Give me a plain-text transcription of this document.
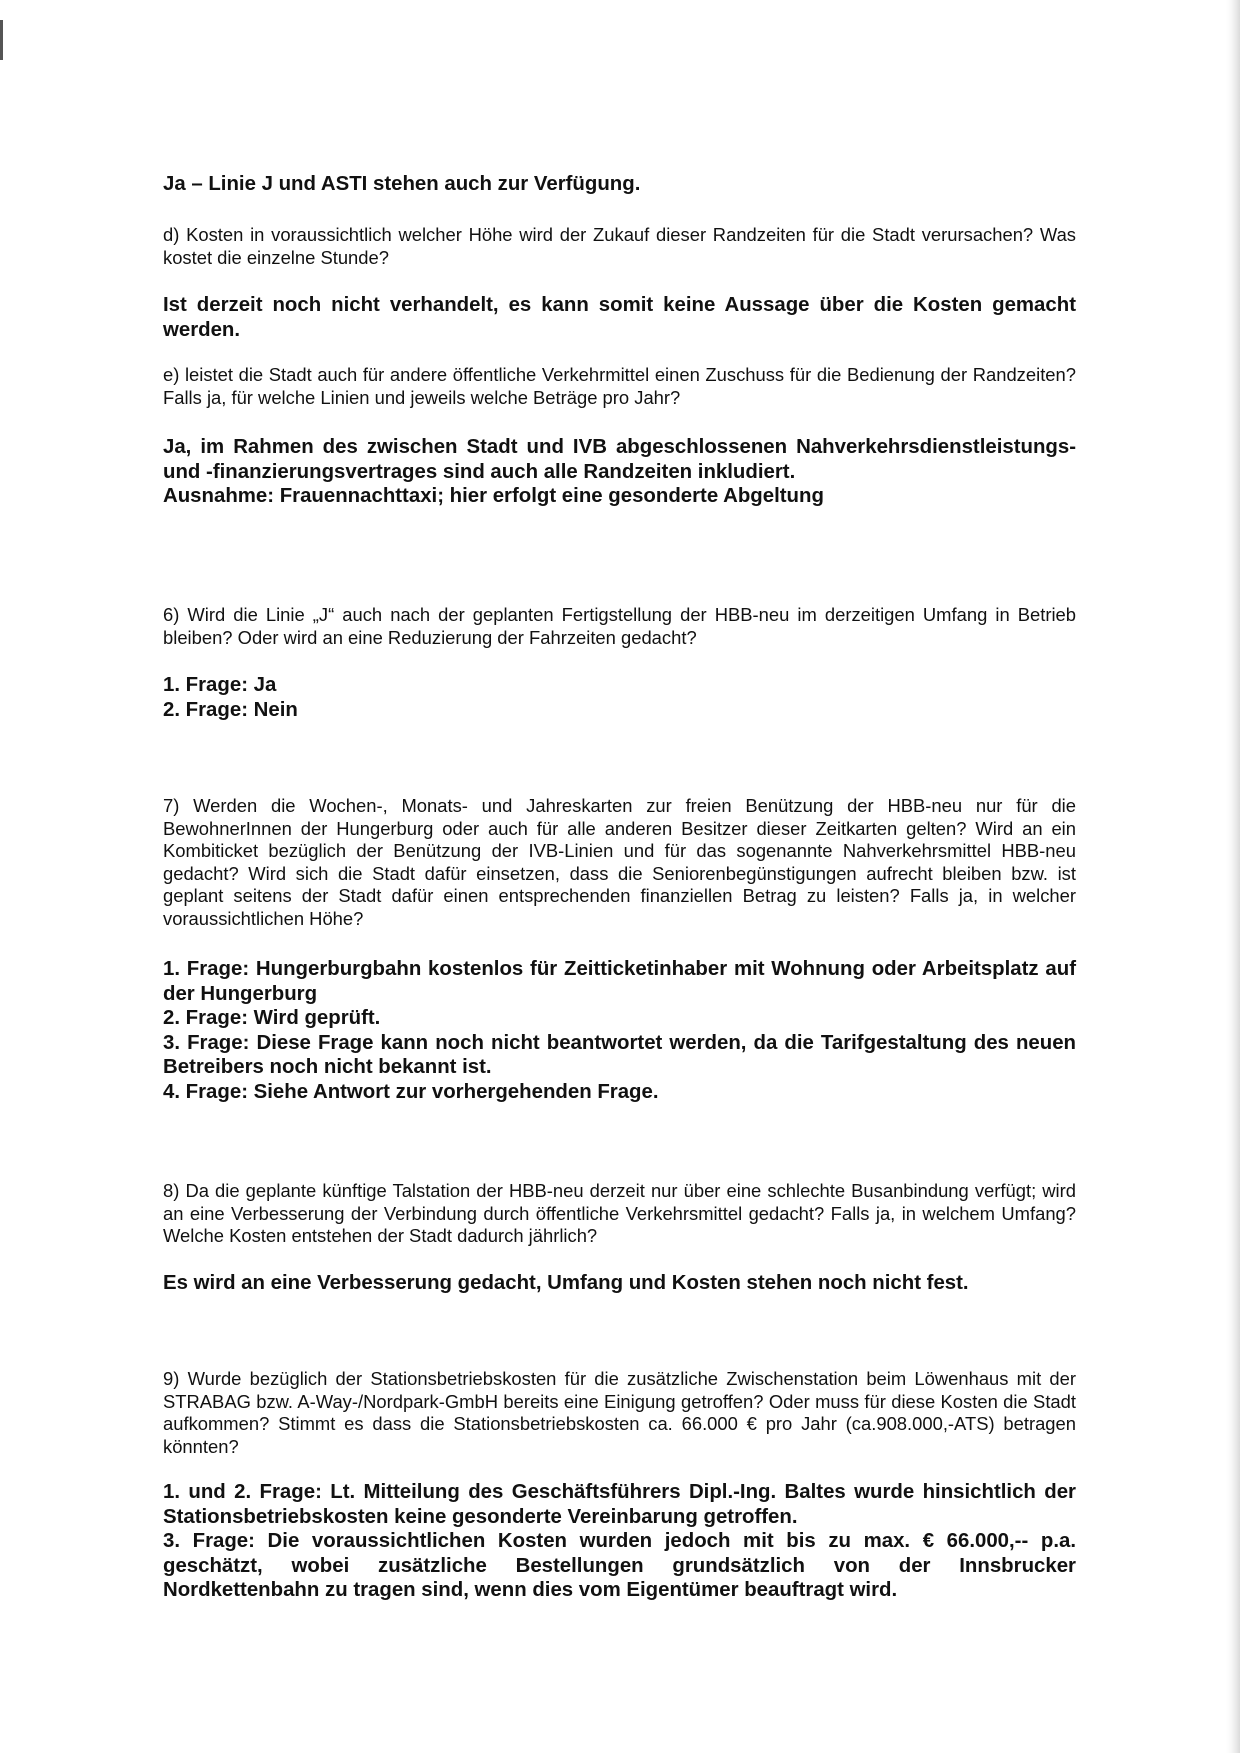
Ja – Linie J und ASTI stehen auch zur Verfügung.

d) Kosten in voraussichtlich welcher Höhe wird der Zukauf dieser Randzeiten für die Stadt verursachen? Was kostet die einzelne Stunde?

Ist derzeit noch nicht verhandelt, es kann somit keine Aussage über die Kosten gemacht werden.

e) leistet die Stadt auch für andere öffentliche Verkehrmittel einen Zuschuss für die Bedienung der Randzeiten? Falls ja, für welche Linien und jeweils welche Beträge pro Jahr?

Ja, im Rahmen des zwischen Stadt und IVB abgeschlossenen Nahverkehrsdienstleistungs- und -finanzierungsvertrages sind auch alle Randzeiten inkludiert.
Ausnahme: Frauennachttaxi; hier erfolgt eine gesonderte Abgeltung

6) Wird die Linie „J“ auch nach der geplanten Fertigstellung der HBB-neu im derzeitigen Umfang in Betrieb bleiben? Oder wird an eine Reduzierung der Fahrzeiten gedacht?

1. Frage: Ja
2. Frage: Nein

7) Werden die Wochen-, Monats- und Jahreskarten zur freien Benützung der HBB-neu nur für die BewohnerInnen der Hungerburg oder auch für alle anderen Besitzer dieser Zeitkarten gelten? Wird an ein Kombiticket bezüglich der Benützung der IVB-Linien und für das sogenannte Nahverkehrsmittel HBB-neu gedacht? Wird sich die Stadt dafür einsetzen, dass die Seniorenbegünstigungen aufrecht bleiben bzw. ist geplant seitens der Stadt dafür einen entsprechenden finanziellen Betrag zu leisten? Falls ja, in welcher voraussichtlichen Höhe?

1. Frage: Hungerburgbahn kostenlos für Zeitticketinhaber mit Wohnung oder Arbeitsplatz auf der Hungerburg
2. Frage: Wird geprüft.
3. Frage: Diese Frage kann noch nicht beantwortet werden, da die Tarifgestaltung des neuen Betreibers noch nicht bekannt ist.
4. Frage: Siehe Antwort zur vorhergehenden Frage.

8) Da die geplante künftige Talstation der HBB-neu derzeit nur über eine schlechte Busanbindung verfügt; wird an eine Verbesserung der Verbindung durch öffentliche Verkehrsmittel gedacht? Falls ja, in welchem Umfang? Welche Kosten entstehen der Stadt dadurch jährlich?

Es wird an eine Verbesserung gedacht, Umfang und Kosten stehen noch nicht fest.

9) Wurde bezüglich der Stationsbetriebskosten für die zusätzliche Zwischenstation beim Löwenhaus mit der STRABAG bzw. A-Way-/Nordpark-GmbH bereits eine Einigung getroffen? Oder muss für diese Kosten die Stadt aufkommen? Stimmt es dass die Stationsbetriebskosten ca. 66.000 € pro Jahr (ca.908.000,-ATS) betragen könnten?

1. und 2. Frage: Lt. Mitteilung des Geschäftsführers Dipl.-Ing. Baltes wurde hinsichtlich der Stationsbetriebskosten keine gesonderte Vereinbarung getroffen.
3. Frage: Die voraussichtlichen Kosten wurden jedoch mit bis zu max. € 66.000,-- p.a. geschätzt, wobei zusätzliche Bestellungen grundsätzlich von der Innsbrucker Nordkettenbahn zu tragen sind, wenn dies vom Eigentümer beauftragt wird.
